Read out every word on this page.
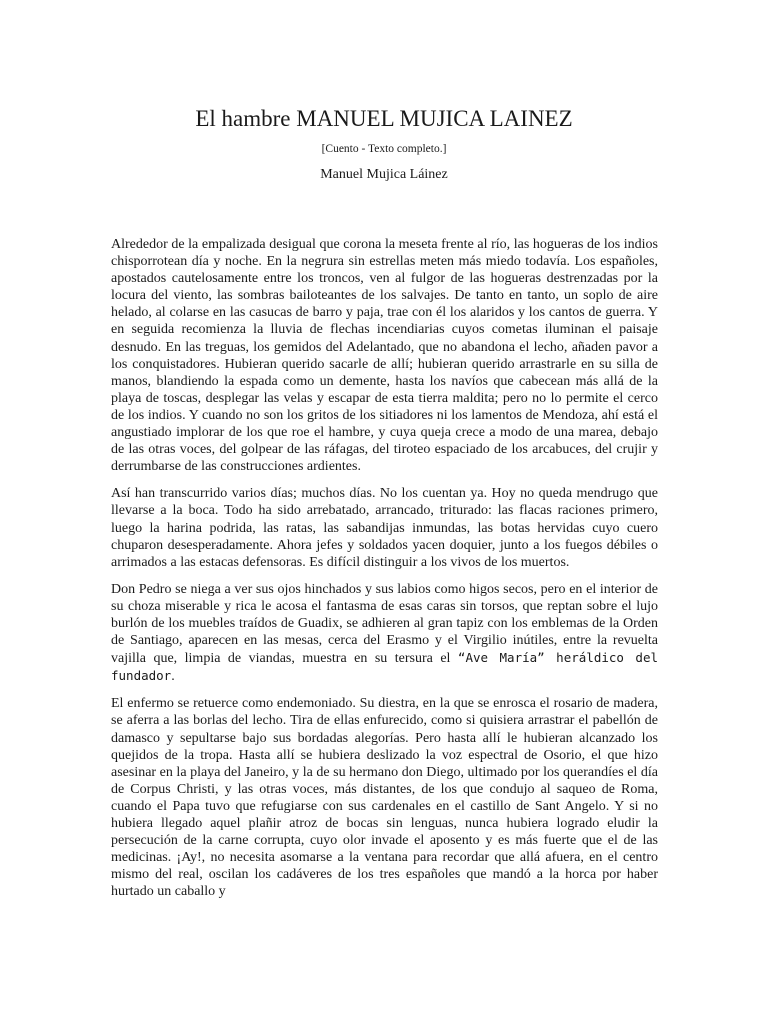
El hambre MANUEL MUJICA LAINEZ
[Cuento - Texto completo.]
Manuel Mujica Láinez

Alrededor de la empalizada desigual que corona la meseta frente al río, las hogueras de los indios chisporrotean día y noche. En la negrura sin estrellas meten más miedo todavía. Los españoles, apostados cautelosamente entre los troncos, ven al fulgor de las hogueras destrenzadas por la locura del viento, las sombras bailoteantes de los salvajes. De tanto en tanto, un soplo de aire helado, al colarse en las casucas de barro y paja, trae con él los alaridos y los cantos de guerra. Y en seguida recomienza la lluvia de flechas incendiarias cuyos cometas iluminan el paisaje desnudo. En las treguas, los gemidos del Adelantado, que no abandona el lecho, añaden pavor a los conquistadores. Hubieran querido sacarle de allí; hubieran querido arrastrarle en su silla de manos, blandiendo la espada como un demente, hasta los navíos que cabecean más allá de la playa de toscas, desplegar las velas y escapar de esta tierra maldita; pero no lo permite el cerco de los indios. Y cuando no son los gritos de los sitiadores ni los lamentos de Mendoza, ahí está el angustiado implorar de los que roe el hambre, y cuya queja crece a modo de una marea, debajo de las otras voces, del golpear de las ráfagas, del tiroteo espaciado de los arcabuces, del crujir y derrumbarse de las construcciones ardientes.

Así han transcurrido varios días; muchos días. No los cuentan ya. Hoy no queda mendrugo que llevarse a la boca. Todo ha sido arrebatado, arrancado, triturado: las flacas raciones primero, luego la harina podrida, las ratas, las sabandijas inmundas, las botas hervidas cuyo cuero chuparon desesperadamente. Ahora jefes y soldados yacen doquier, junto a los fuegos débiles o arrimados a las estacas defensoras. Es difícil distinguir a los vivos de los muertos.

Don Pedro se niega a ver sus ojos hinchados y sus labios como higos secos, pero en el interior de su choza miserable y rica le acosa el fantasma de esas caras sin torsos, que reptan sobre el lujo burlón de los muebles traídos de Guadix, se adhieren al gran tapiz con los emblemas de la Orden de Santiago, aparecen en las mesas, cerca del Erasmo y el Virgilio inútiles, entre la revuelta vajilla que, limpia de viandas, muestra en su tersura el “Ave María” heráldico del fundador.

El enfermo se retuerce como endemoniado. Su diestra, en la que se enrosca el rosario de madera, se aferra a las borlas del lecho. Tira de ellas enfurecido, como si quisiera arrastrar el pabellón de damasco y sepultarse bajo sus bordadas alegorías. Pero hasta allí le hubieran alcanzado los quejidos de la tropa. Hasta allí se hubiera deslizado la voz espectral de Osorio, el que hizo asesinar en la playa del Janeiro, y la de su hermano don Diego, ultimado por los querandíes el día de Corpus Christi, y las otras voces, más distantes, de los que condujo al saqueo de Roma, cuando el Papa tuvo que refugiarse con sus cardenales en el castillo de Sant Angelo. Y si no hubiera llegado aquel plañir atroz de bocas sin lenguas, nunca hubiera logrado eludir la persecución de la carne corrupta, cuyo olor invade el aposento y es más fuerte que el de las medicinas. ¡Ay!, no necesita asomarse a la ventana para recordar que allá afuera, en el centro mismo del real, oscilan los cadáveres de los tres españoles que mandó a la horca por haber hurtado un caballo y
